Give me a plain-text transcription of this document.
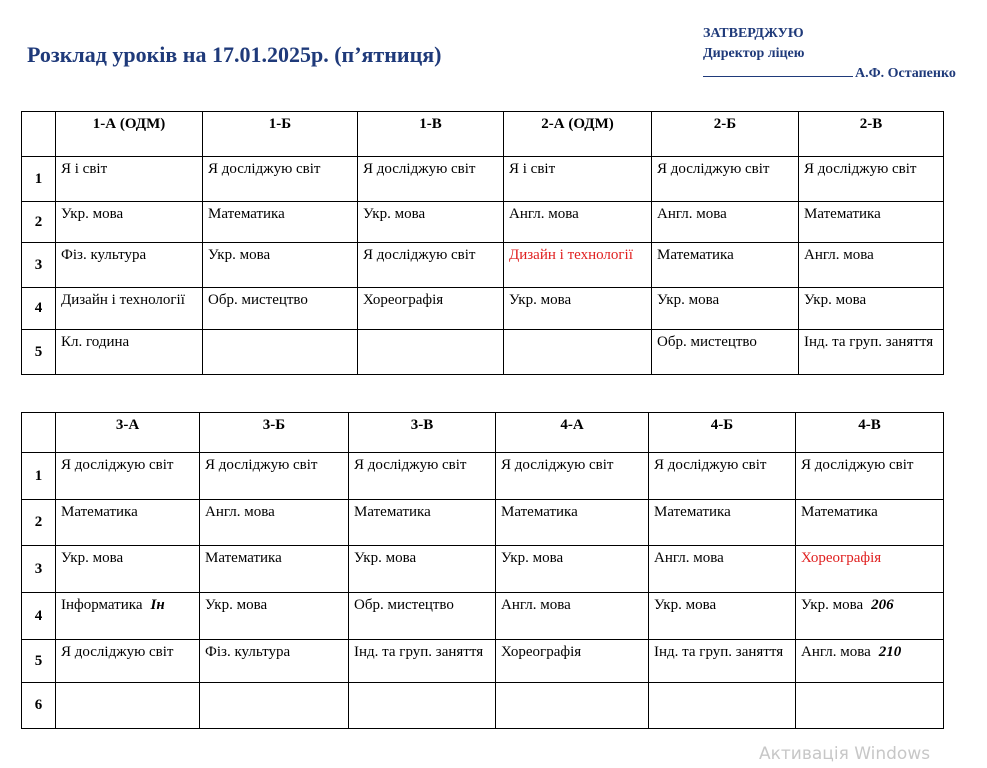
Розклад уроків на 17.01.2025р. (п’ятниця)
ЗАТВЕРДЖУЮ
Директор ліцею
А.Ф. Остапенко
	1-А (ОДМ)	1-Б	1-В	2-А (ОДМ)	2-Б	2-В
1	Я і світ	Я досліджую світ	Я досліджую світ	Я і світ	Я досліджую світ	Я досліджую світ
2	Укр. мова	Математика	Укр. мова	Англ. мова	Англ. мова	Математика
3	Фіз. культура	Укр. мова	Я досліджую світ	Дизайн і технології	Математика	Англ. мова
4	Дизайн і технології	Обр. мистецтво	Хореографія	Укр. мова	Укр. мова	Укр. мова
5	Кл. година				Обр. мистецтво	Інд. та груп. заняття
	3-А	3-Б	3-В	4-А	4-Б	4-В
1	Я досліджую світ	Я досліджую світ	Я досліджую світ	Я досліджую світ	Я досліджую світ	Я досліджую світ
2	Математика	Англ. мова	Математика	Математика	Математика	Математика
3	Укр. мова	Математика	Укр. мова	Укр. мова	Англ. мова	Хореографія
4	Інформатика Ін	Укр. мова	Обр. мистецтво	Англ. мова	Укр. мова	Укр. мова 206
5	Я досліджую світ	Фіз. культура	Інд. та груп. заняття	Хореографія	Інд. та груп. заняття	Англ. мова 210
6						
Активація Windows
